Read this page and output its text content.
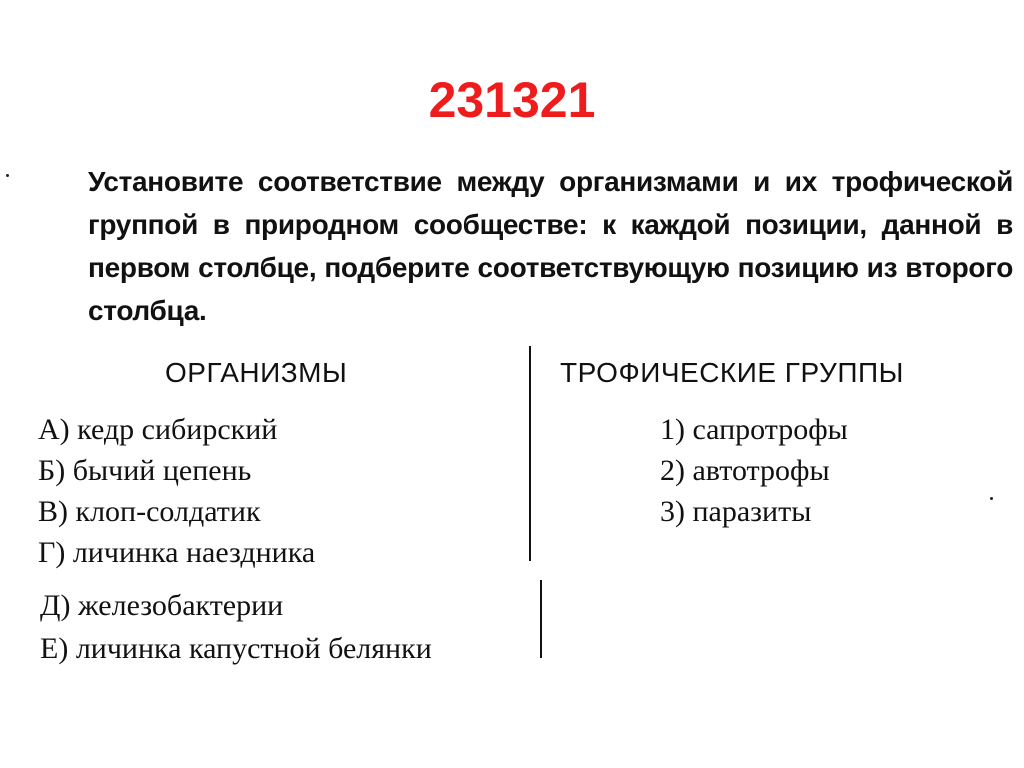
231321
Установите соответствие между организмами и их трофической группой в природном сообществе: к каждой позиции, данной в первом столбце, подберите соответствующую позицию из второго столбца.
ОРГАНИЗМЫ	ТРОФИЧЕСКИЕ ГРУППЫ
А) кедр сибирский
Б) бычий цепень
В) клоп-солдатик
Г) личинка наездника
Д) железобактерии
Е) личинка капустной белянки
1) сапротрофы
2) автотрофы
3) паразиты
